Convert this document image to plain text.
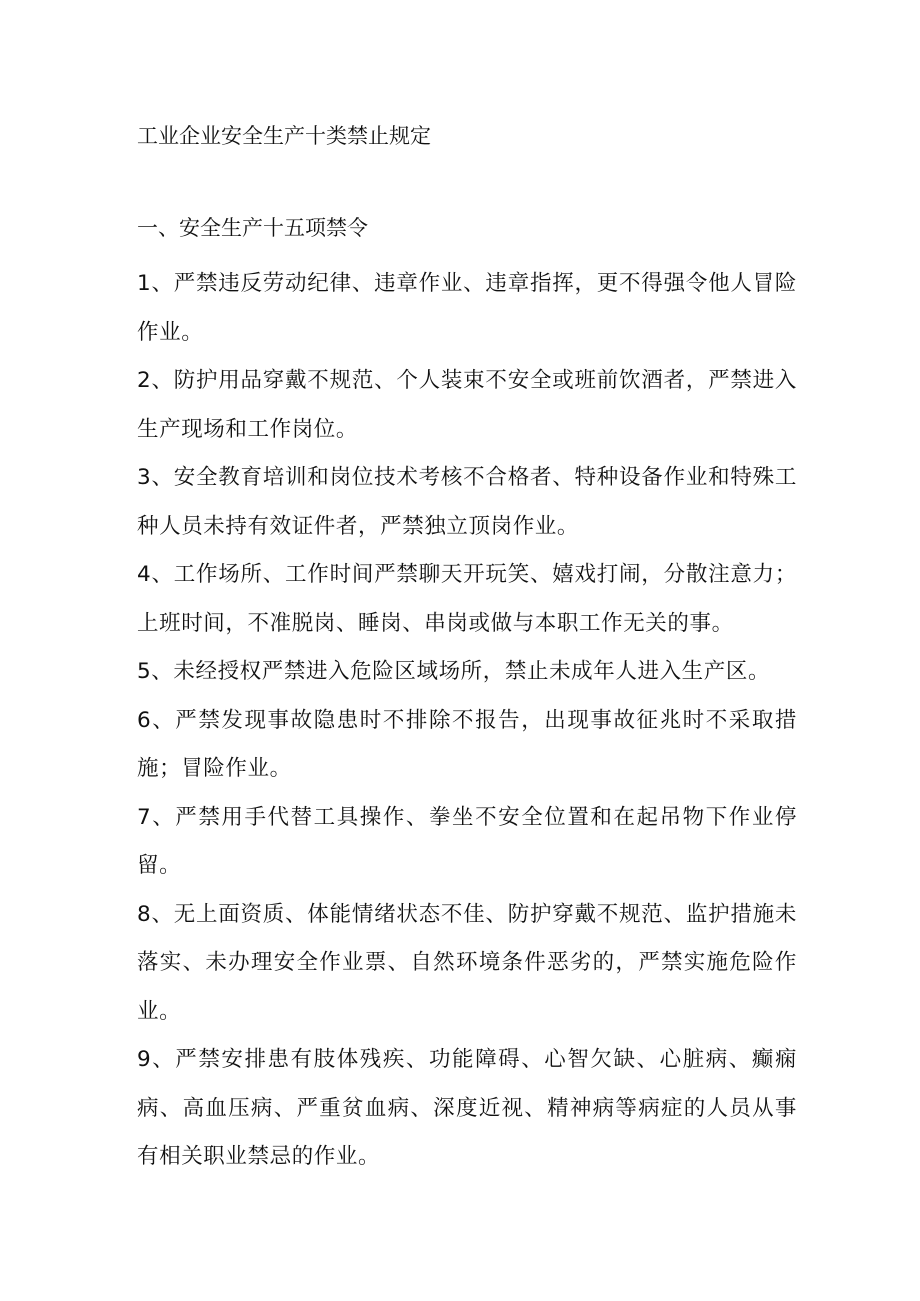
工业企业安全生产十类禁止规定
一、安全生产十五项禁令
1、严禁违反劳动纪律、违章作业、违章指挥，更不得强令他人冒险作业。
2、防护用品穿戴不规范、个人装束不安全或班前饮酒者，严禁进入生产现场和工作岗位。
3、安全教育培训和岗位技术考核不合格者、特种设备作业和特殊工种人员未持有效证件者，严禁独立顶岗作业。
4、工作场所、工作时间严禁聊天开玩笑、嬉戏打闹，分散注意力；上班时间，不准脱岗、睡岗、串岗或做与本职工作无关的事。
5、未经授权严禁进入危险区域场所，禁止未成年人进入生产区。
6、严禁发现事故隐患时不排除不报告，出现事故征兆时不采取措施；冒险作业。
7、严禁用手代替工具操作、拳坐不安全位置和在起吊物下作业停留。
8、无上面资质、体能情绪状态不佳、防护穿戴不规范、监护措施未落实、未办理安全作业票、自然环境条件恶劣的，严禁实施危险作业。
9、严禁安排患有肢体残疾、功能障碍、心智欠缺、心脏病、癫痫病、高血压病、严重贫血病、深度近视、精神病等病症的人员从事有相关职业禁忌的作业。
